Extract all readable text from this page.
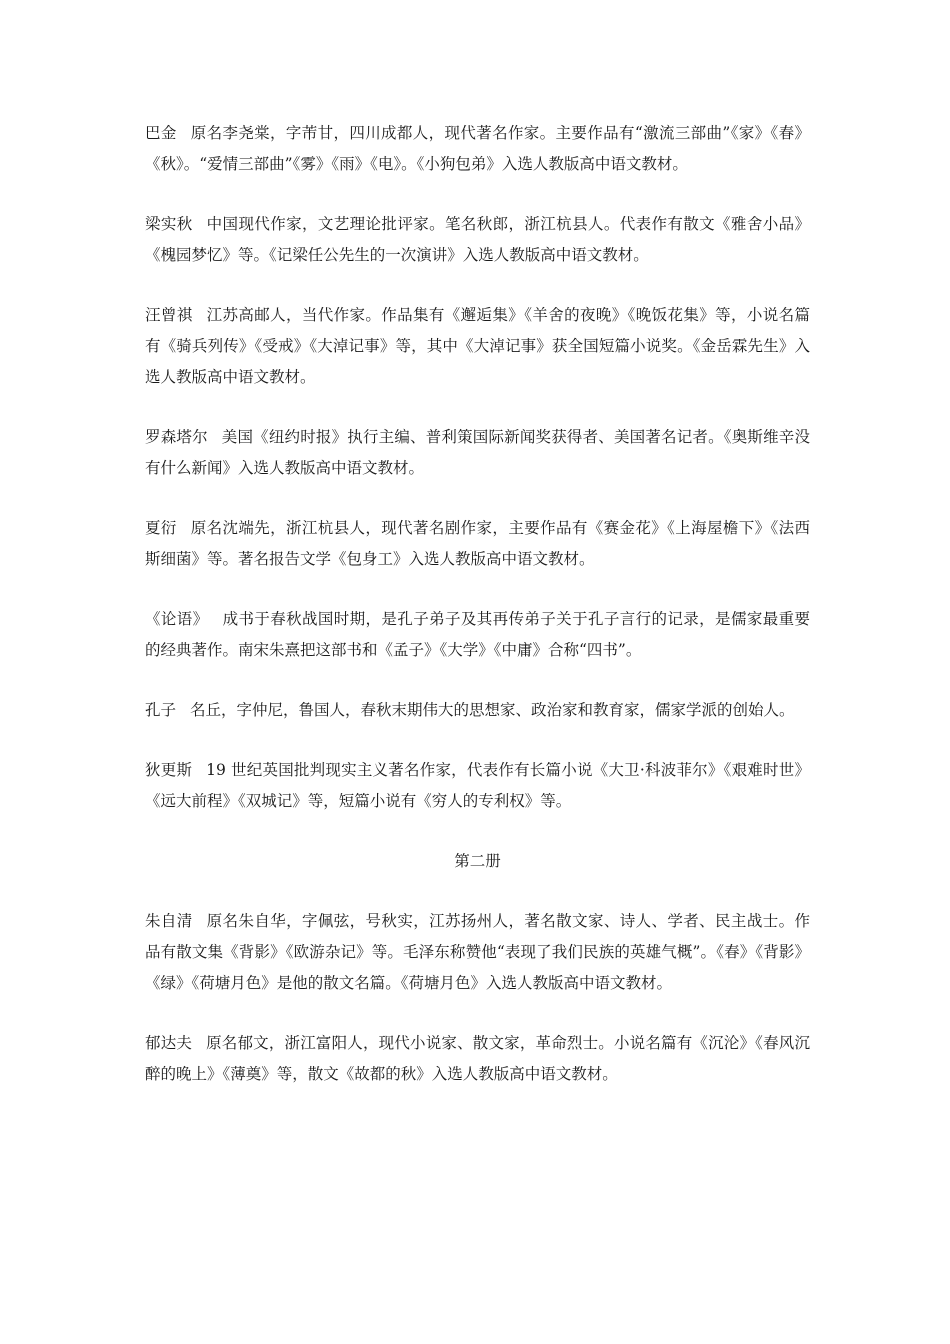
巴金 原名李尧棠，字芾甘，四川成都人，现代著名作家。主要作品有“激流三部曲”《家》《春》《秋》。“爱情三部曲”《雾》《雨》《电》。《小狗包弟》入选人教版高中语文教材。

梁实秋 中国现代作家，文艺理论批评家。笔名秋郎，浙江杭县人。代表作有散文《雅舍小品》《槐园梦忆》等。《记梁任公先生的一次演讲》入选人教版高中语文教材。

汪曾祺 江苏高邮人，当代作家。作品集有《邂逅集》《羊舍的夜晚》《晚饭花集》等，小说名篇有《骑兵列传》《受戒》《大淖记事》等，其中《大淖记事》获全国短篇小说奖。《金岳霖先生》入选人教版高中语文教材。

罗森塔尔 美国《纽约时报》执行主编、普利策国际新闻奖获得者、美国著名记者。《奥斯维辛没有什么新闻》入选人教版高中语文教材。

夏衍 原名沈端先，浙江杭县人，现代著名剧作家，主要作品有《赛金花》《上海屋檐下》《法西斯细菌》等。著名报告文学《包身工》入选人教版高中语文教材。

《论语》 成书于春秋战国时期，是孔子弟子及其再传弟子关于孔子言行的记录，是儒家最重要的经典著作。南宋朱熹把这部书和《孟子》《大学》《中庸》合称“四书”。

孔子 名丘，字仲尼，鲁国人，春秋末期伟大的思想家、政治家和教育家，儒家学派的创始人。

狄更斯 19 世纪英国批判现实主义著名作家，代表作有长篇小说《大卫·科波菲尔》《艰难时世》《远大前程》《双城记》等，短篇小说有《穷人的专利权》等。

第二册

朱自清 原名朱自华，字佩弦，号秋实，江苏扬州人，著名散文家、诗人、学者、民主战士。作品有散文集《背影》《欧游杂记》等。毛泽东称赞他“表现了我们民族的英雄气概”。《春》《背影》《绿》《荷塘月色》是他的散文名篇。《荷塘月色》入选人教版高中语文教材。

郁达夫 原名郁文，浙江富阳人，现代小说家、散文家，革命烈士。小说名篇有《沉沦》《春风沉醉的晚上》《薄奠》等，散文《故都的秋》入选人教版高中语文教材。
